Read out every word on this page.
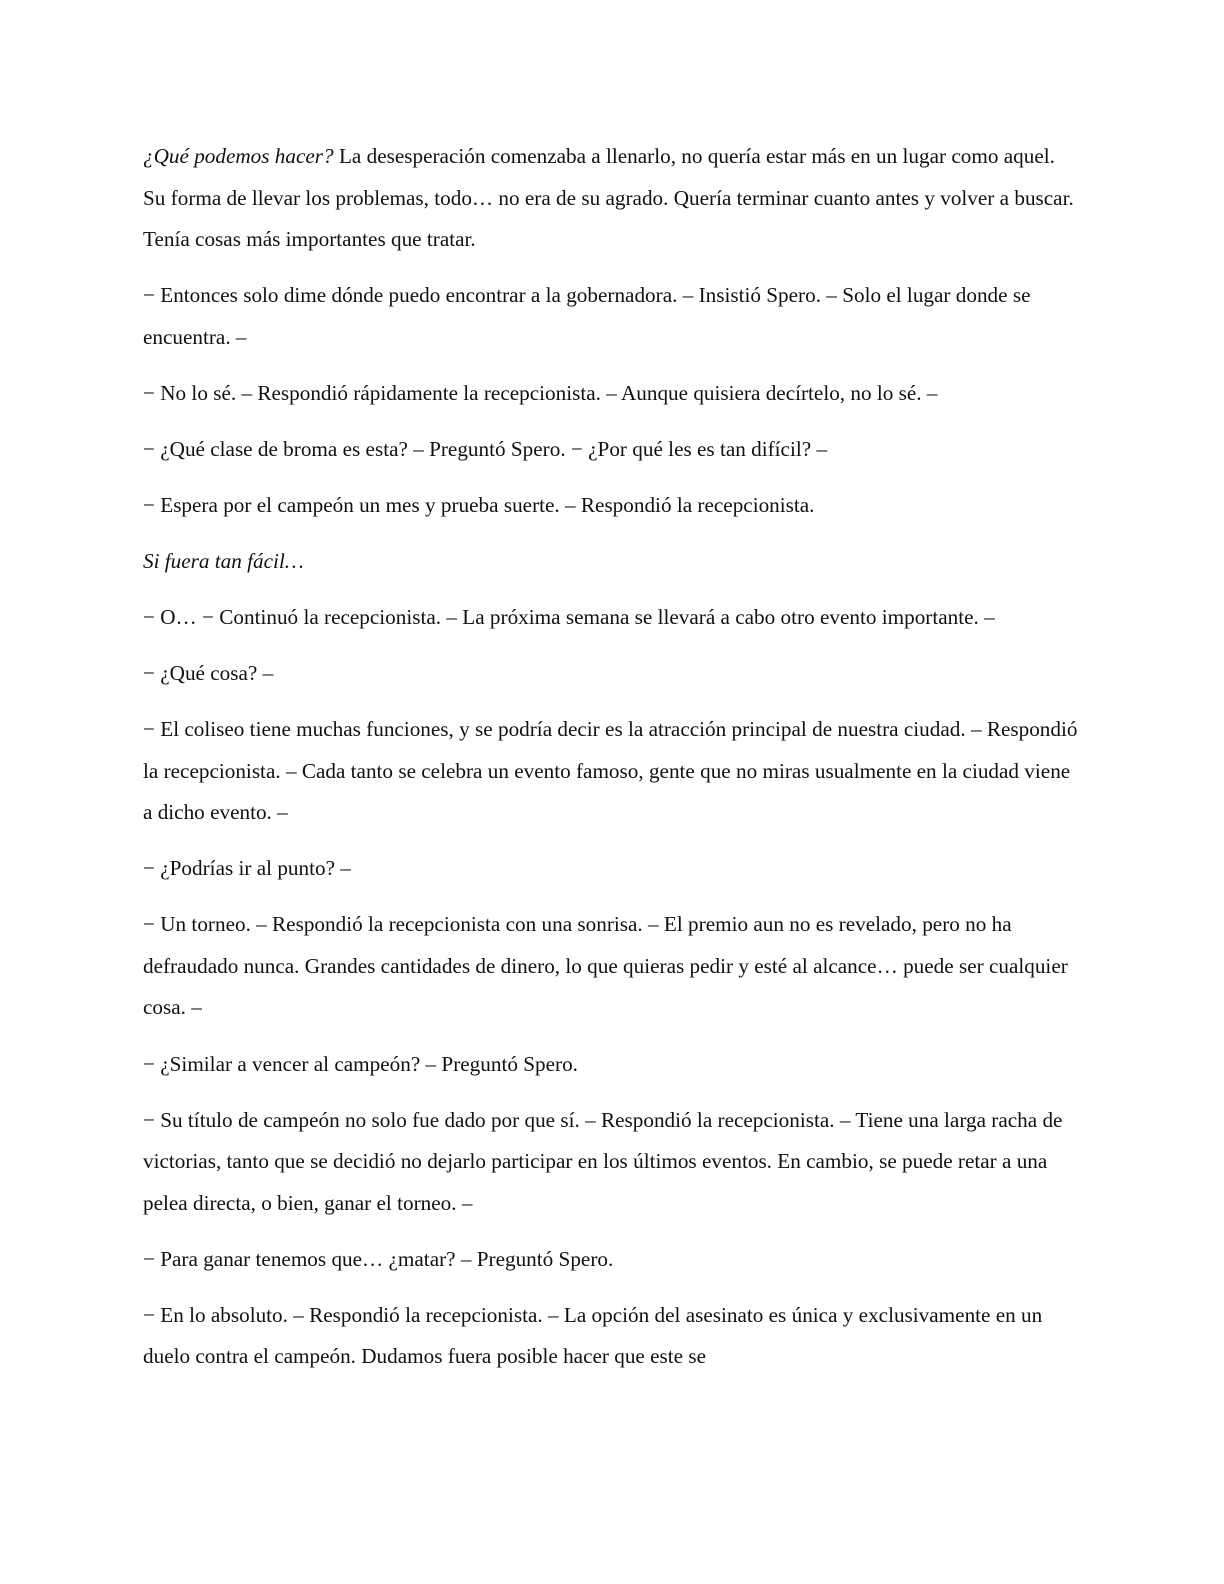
¿Qué podemos hacer? La desesperación comenzaba a llenarlo, no quería estar más en un lugar como aquel. Su forma de llevar los problemas, todo… no era de su agrado. Quería terminar cuanto antes y volver a buscar. Tenía cosas más importantes que tratar.

− Entonces solo dime dónde puedo encontrar a la gobernadora. – Insistió Spero. – Solo el lugar donde se encuentra. –

− No lo sé. – Respondió rápidamente la recepcionista. – Aunque quisiera decírtelo, no lo sé. –

− ¿Qué clase de broma es esta? – Preguntó Spero. − ¿Por qué les es tan difícil? –

− Espera por el campeón un mes y prueba suerte. – Respondió la recepcionista.

Si fuera tan fácil…

− O… − Continuó la recepcionista. – La próxima semana se llevará a cabo otro evento importante. –

− ¿Qué cosa? –

− El coliseo tiene muchas funciones, y se podría decir es la atracción principal de nuestra ciudad. – Respondió la recepcionista. – Cada tanto se celebra un evento famoso, gente que no miras usualmente en la ciudad viene a dicho evento. –

− ¿Podrías ir al punto? –

− Un torneo. – Respondió la recepcionista con una sonrisa. – El premio aun no es revelado, pero no ha defraudado nunca. Grandes cantidades de dinero, lo que quieras pedir y esté al alcance… puede ser cualquier cosa. –

− ¿Similar a vencer al campeón? – Preguntó Spero.

− Su título de campeón no solo fue dado por que sí. – Respondió la recepcionista. – Tiene una larga racha de victorias, tanto que se decidió no dejarlo participar en los últimos eventos. En cambio, se puede retar a una pelea directa, o bien, ganar el torneo. –

− Para ganar tenemos que… ¿matar? – Preguntó Spero.

− En lo absoluto. – Respondió la recepcionista. – La opción del asesinato es única y exclusivamente en un duelo contra el campeón. Dudamos fuera posible hacer que este se
